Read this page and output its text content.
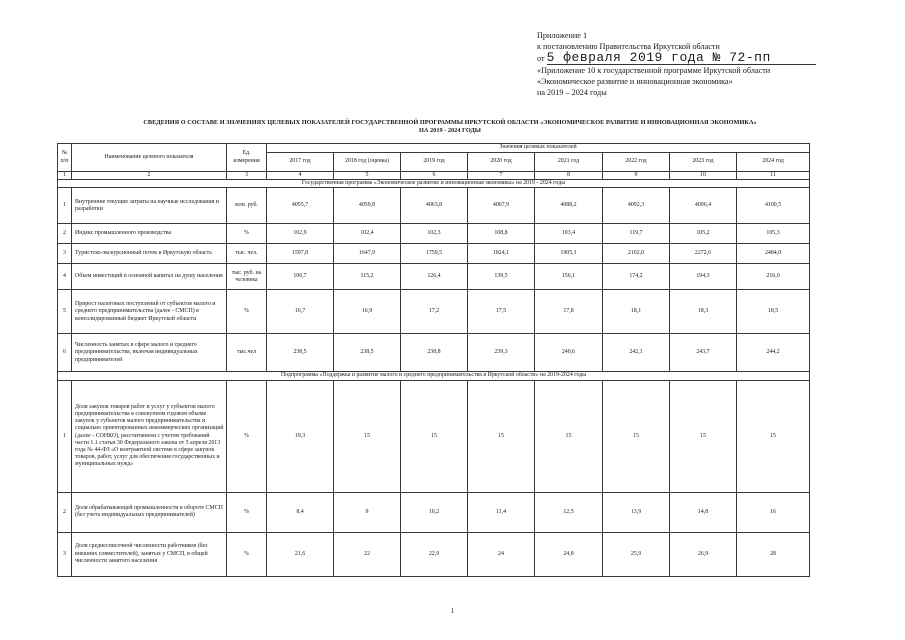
Приложение 1
к постановлению Правительства Иркутской области
от 5 февраля 2019 года № 72-пп
«Приложение 10 к государственной программе Иркутской области
«Экономическое развитие и инновационная экономика»
на 2019 – 2024 годы
СВЕДЕНИЯ О СОСТАВЕ И ЗНАЧЕНИЯХ ЦЕЛЕВЫХ ПОКАЗАТЕЛЕЙ ГОСУДАРСТВЕННОЙ ПРОГРАММЫ ИРКУТСКОЙ ОБЛАСТИ «ЭКОНОМИЧЕСКОЕ РАЗВИТИЕ И ИННОВАЦИОННАЯ ЭКОНОМИКА»
НА 2019 - 2024 ГОДЫ
№ п/п	Наименование целевого показателя	Ед. измерения	Значения целевых показателей							
			2017 год	2018 год (оценка)	2019 год	2020 год	2021 год	2022 год	2023 год	2024 год
1	2	3	4	5	6	7	8	9	10	11
Государственная программа «Экономическое развитие и инновационная экономика» на 2019 - 2024 годы										
1	Внутренние текущие затраты на научные исследования и разработки	млн. руб.	4055,7	4059,8	4063,8	4067,9	4088,2	4092,3	4096,4	4100,5
2	Индекс промышленного производства	%	102,9	102,4	102,3	108,8	103,4	119,7	105,2	105,3
3	Туристско-экскурсионный поток в Иркутскую область	тыс. чел.	1597,8	1647,9	1759,5	1824,1	1905,1	2102,0	2272,6	2484,0
4	Объем инвестиций в основной капитал на душу населения	тыс. руб. на человека	106,7	115,2	126,4	139,5	156,1	174,2	194,3	216,0
5	Прирост налоговых поступлений от субъектов малого и среднего предпринимательства (далее - СМСП) в консолидированный бюджет Иркутской области	%	16,7	16,9	17,2	17,5	17,8	18,1	18,3	18,5
6	Численность занятых в сфере малого и среднего предпринимательства, включая индивидуальных предпринимателей	тыс.чел	238,5	238,5	238,8	239,3	240,6	242,1	243,7	244,2
Подпрограмма «Поддержка и развитие малого и среднего предпринимательства в Иркутской области» на 2019-2024 годы										
1	Доля закупок товаров работ и услуг у субъектов малого предпринимательства в совокупном годовом объеме закупок у субъектов малого предпринимательства и социально ориентированных некоммерческих организаций (далее - СОНКО), рассчитанном с учетом требований части 1.1 статьи 30 Федерального закона от 5 апреля 2013 года № 44-ФЗ «О контрактной системе в сфере закупок товаров, работ, услуг для обеспечения государственных и муниципальных нужд»	%	19,3	15	15	15	15	15	15	15
2	Доля обрабатывающей промышленности в обороте СМСП (без учета индивидуальных предпринимателей)	%	8,4	9	10,2	11,4	12,5	13,9	14,8	16
3	Доля среднесписочной численности работников (без внешних совместителей), занятых у СМСП, в общей численности занятого населения	%	21,6	22	22,9	24	24,8	25,9	26,9	28
1
